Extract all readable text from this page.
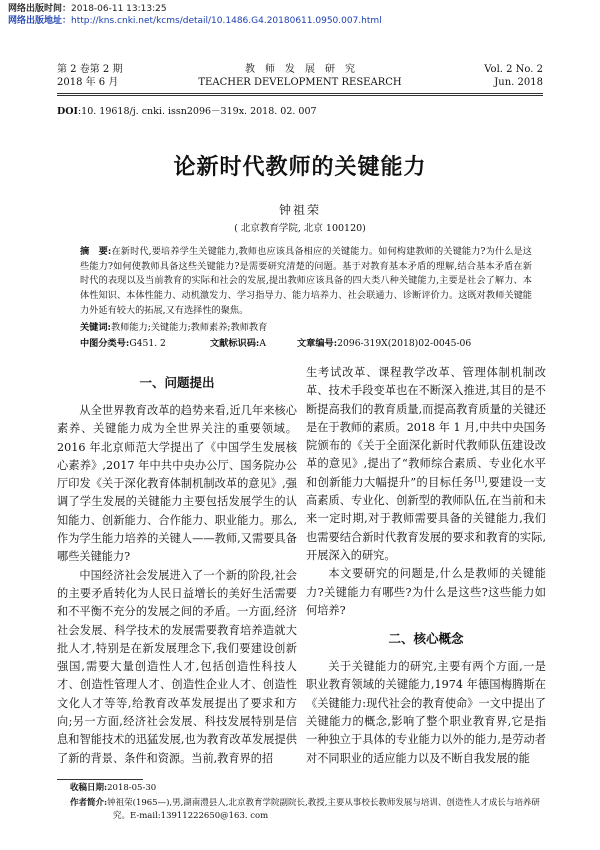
网络出版时间：2018-06-11 13:13:25
网络出版地址：http://kns.cnki.net/kcms/detail/10.1486.G4.20180611.0950.007.html
第 2 卷第 2 期
2018 年 6 月
教　师　发　展　研　究
TEACHER DEVELOPMENT RESEARCH
Vol. 2 No. 2
Jun. 2018
DOI:10. 19618/j. cnki. issn2096－319x. 2018. 02. 007
论新时代教师的关键能力
钟祖荣
( 北京教育学院, 北京 100120)
摘　要:在新时代,要培养学生关键能力,教师也应该具备相应的关键能力。如何构建教师的关键能力?为什么是这些能力?如何使教师具备这些关键能力?是需要研究清楚的问题。基于对教育基本矛盾的理解,结合基本矛盾在新时代的表现以及当前教育的实际和社会的发展,提出教师应该具备的四大类八种关键能力,主要是社会了解力、本体性知识、本体性能力、动机激发力、学习指导力、能力培养力、社会联通力、诊断评价力。这既对教师关键能力外延有较大的拓展,又有选择性的聚焦。
关键词:教师能力;关键能力;教师素养;教师教育
中图分类号:G451. 2	文献标识码:A	文章编号:2096-319X(2018)02-0045-06
一、问题提出

从全世界教育改革的趋势来看,近几年来核心素养、关键能力成为全世界关注的重要领域。2016 年北京师范大学提出了《中国学生发展核心素养》,2017 年中共中央办公厅、国务院办公厅印发《关于深化教育体制机制改革的意见》,强调了学生发展的关键能力主要包括发展学生的认知能力、创新能力、合作能力、职业能力。那么,作为学生能力培养的关键人——教师,又需要具备哪些关键能力?

中国经济社会发展进入了一个新的阶段,社会的主要矛盾转化为人民日益增长的美好生活需要和不平衡不充分的发展之间的矛盾。一方面,经济社会发展、科学技术的发展需要教育培养造就大批人才,特别是在新发展理念下,我们要建设创新强国,需要大量创造性人才,包括创造性科技人才、创造性管理人才、创造性企业人才、创造性文化人才等等,给教育改革发展提出了要求和方向;另一方面,经济社会发展、科技发展特别是信息和智能技术的迅猛发展,也为教育改革发展提供了新的背景、条件和资源。当前,教育界的招

生考试改革、课程教学改革、管理体制机制改革、技术手段变革也在不断深入推进,其目的是不断提高我们的教育质量,而提高教育质量的关键还是在于教师的素质。2018 年 1 月,中共中央国务院颁布的《关于全面深化新时代教师队伍建设改革的意见》,提出了“教师综合素质、专业化水平和创新能力大幅提升”的目标任务[1],要建设一支高素质、专业化、创新型的教师队伍,在当前和未来一定时期,对于教师需要具备的关键能力,我们也需要结合新时代教育发展的要求和教育的实际,开展深入的研究。

本文要研究的问题是,什么是教师的关键能力?关键能力有哪些?为什么是这些?这些能力如何培养?

二、核心概念

关于关键能力的研究,主要有两个方面,一是职业教育领域的关键能力,1974 年德国梅腾斯在《关键能力:现代社会的教育使命》一文中提出了关键能力的概念,影响了整个职业教育界,它是指一种独立于具体的专业能力以外的能力,是劳动者对不同职业的适应能力以及不断自我发展的能

收稿日期:2018-05-30
作者简介:钟祖荣(1965—),男,湖南澧县人,北京教育学院副院长,教授,主要从事校长教师发展与培训、创造性人才成长与培养研
究。E-mail:13911222650@163. com
